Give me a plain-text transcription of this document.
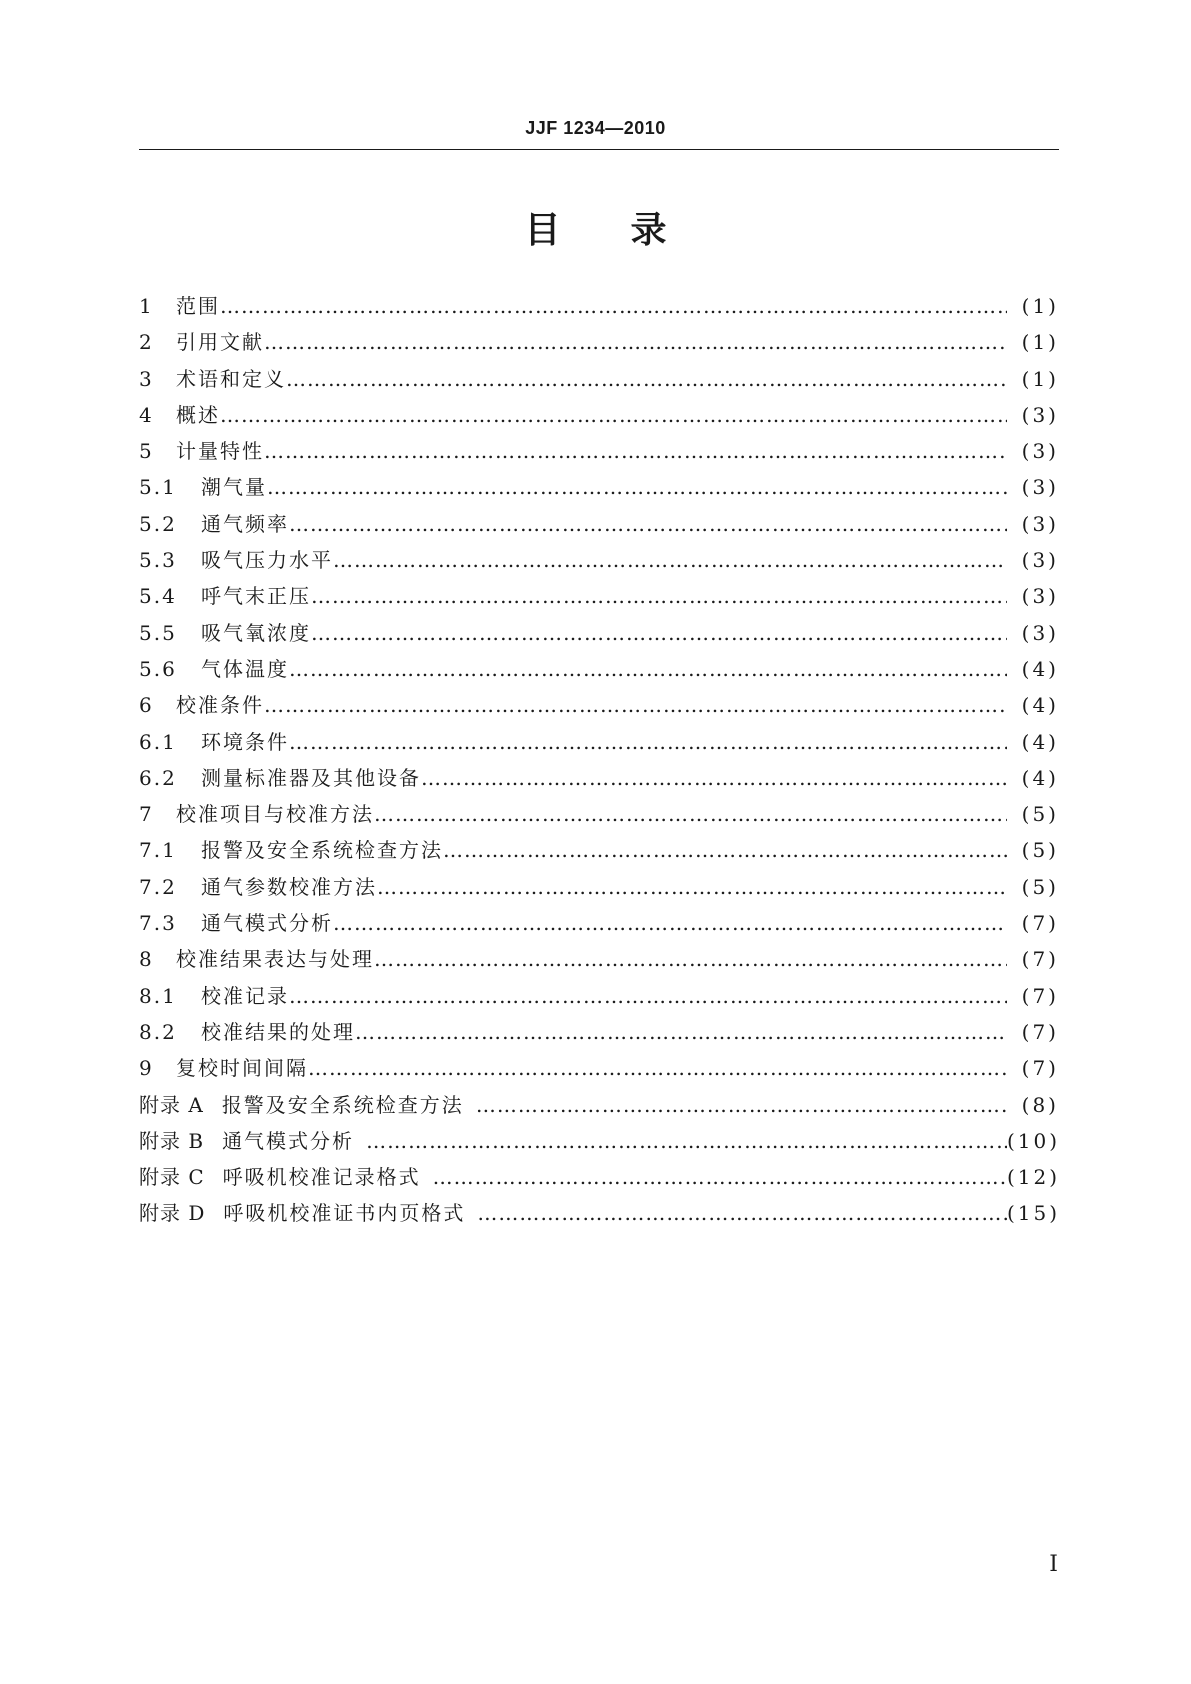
JJF 1234—2010
目录
1	范围 …………………………………………………………………………………………………………………………………………………………………………………………………………………………	(1)
2	引用文献 …………………………………………………………………………………………………………………………………………………………………………………………………………………………	(1)
3	术语和定义 …………………………………………………………………………………………………………………………………………………………………………………………………………………………	(1)
4	概述 …………………………………………………………………………………………………………………………………………………………………………………………………………………………	(3)
5	计量特性 …………………………………………………………………………………………………………………………………………………………………………………………………………………………	(3)
5.1	潮气量 …………………………………………………………………………………………………………………………………………………………………………………………………………………………	(3)
5.2	通气频率 …………………………………………………………………………………………………………………………………………………………………………………………………………………………	(3)
5.3	吸气压力水平 …………………………………………………………………………………………………………………………………………………………………………………………………………………………	(3)
5.4	呼气末正压 …………………………………………………………………………………………………………………………………………………………………………………………………………………………	(3)
5.5	吸气氧浓度 …………………………………………………………………………………………………………………………………………………………………………………………………………………………	(3)
5.6	气体温度 …………………………………………………………………………………………………………………………………………………………………………………………………………………………	(4)
6	校准条件 …………………………………………………………………………………………………………………………………………………………………………………………………………………………	(4)
6.1	环境条件 …………………………………………………………………………………………………………………………………………………………………………………………………………………………	(4)
6.2	测量标准器及其他设备 …………………………………………………………………………………………………………………………………………………………………………………………………………………………	(4)
7	校准项目与校准方法 …………………………………………………………………………………………………………………………………………………………………………………………………………………………	(5)
7.1	报警及安全系统检查方法 …………………………………………………………………………………………………………………………………………………………………………………………………………………………	(5)
7.2	通气参数校准方法 …………………………………………………………………………………………………………………………………………………………………………………………………………………………	(5)
7.3	通气模式分析 …………………………………………………………………………………………………………………………………………………………………………………………………………………………	(7)
8	校准结果表达与处理 …………………………………………………………………………………………………………………………………………………………………………………………………………………………	(7)
8.1	校准记录 …………………………………………………………………………………………………………………………………………………………………………………………………………………………	(7)
8.2	校准结果的处理 …………………………………………………………………………………………………………………………………………………………………………………………………………………………	(7)
9	复校时间间隔 …………………………………………………………………………………………………………………………………………………………………………………………………………………………	(7)
附录 A 报警及安全系统检查方法 …………………………………………………………………………………………………………………………………………………………………………………………………………………………	(8)
附录 B 通气模式分析 …………………………………………………………………………………………………………………………………………………………………………………………………………………………	(10)
附录 C 呼吸机校准记录格式 …………………………………………………………………………………………………………………………………………………………………………………………………………………………	(12)
附录 D 呼吸机校准证书内页格式 …………………………………………………………………………………………………………………………………………………………………………………………………………………………	(15)
I
